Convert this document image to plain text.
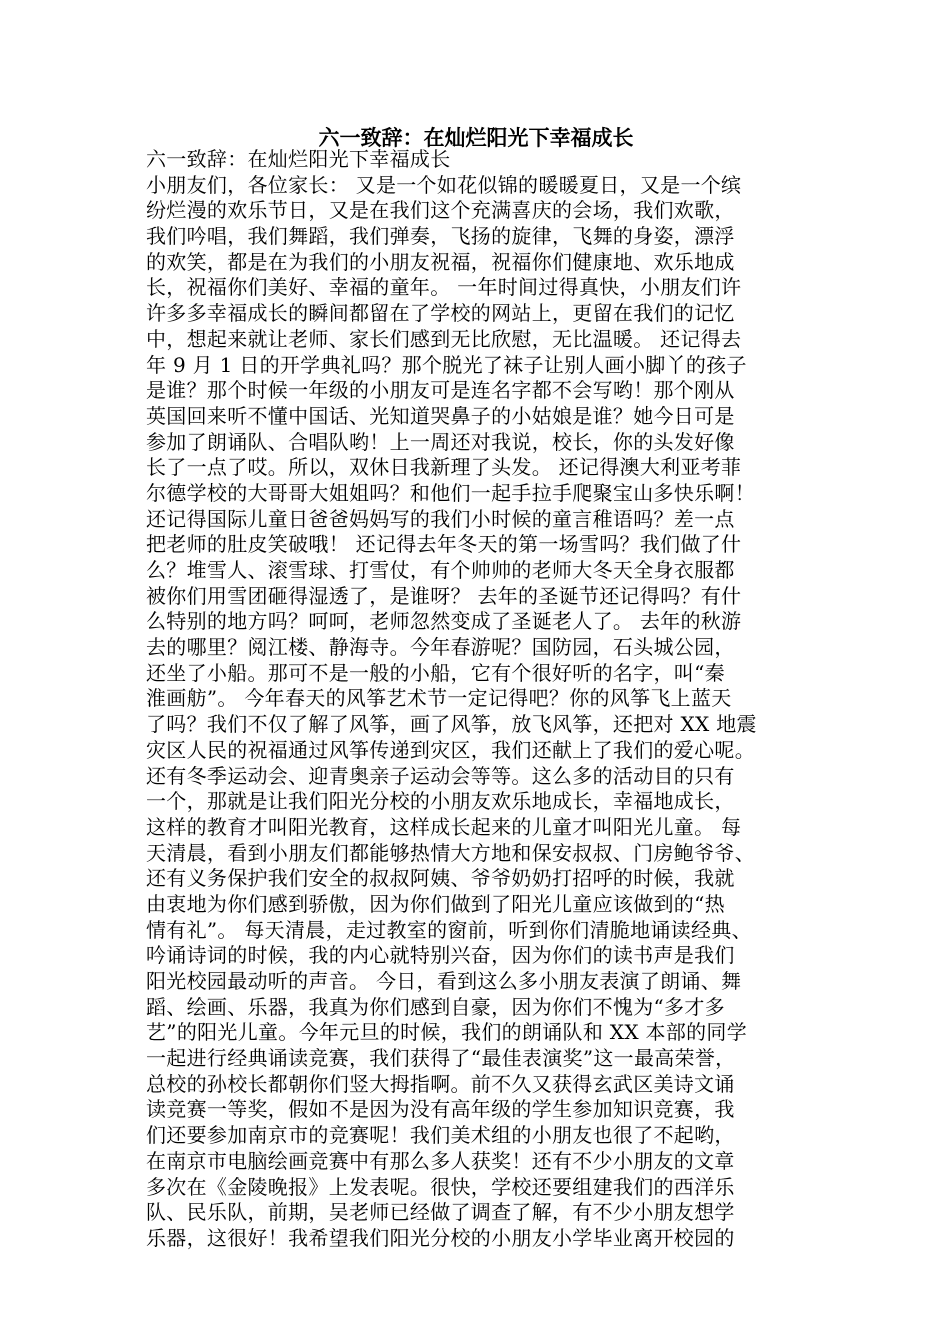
六一致辞：在灿烂阳光下幸福成长
六一致辞：在灿烂阳光下幸福成长
小朋友们，各位家长： 又是一个如花似锦的暖暖夏日，又是一个缤
纷烂漫的欢乐节日，又是在我们这个充满喜庆的会场，我们欢歌，
我们吟唱，我们舞蹈，我们弹奏，飞扬的旋律，飞舞的身姿，漂浮
的欢笑，都是在为我们的小朋友祝福，祝福你们健康地、欢乐地成
长，祝福你们美好、幸福的童年。 一年时间过得真快，小朋友们许
许多多幸福成长的瞬间都留在了学校的网站上，更留在我们的记忆
中，想起来就让老师、家长们感到无比欣慰，无比温暖。 还记得去
年 9 月 1 日的开学典礼吗？那个脱光了袜子让别人画小脚丫的孩子
是谁？那个时候一年级的小朋友可是连名字都不会写哟！那个刚从
英国回来听不懂中国话、光知道哭鼻子的小姑娘是谁？她今日可是
参加了朗诵队、合唱队哟！上一周还对我说，校长，你的头发好像
长了一点了哎。所以，双休日我新理了头发。 还记得澳大利亚考菲
尔德学校的大哥哥大姐姐吗？和他们一起手拉手爬聚宝山多快乐啊！
还记得国际儿童日爸爸妈妈写的我们小时候的童言稚语吗？差一点
把老师的肚皮笑破哦！ 还记得去年冬天的第一场雪吗？我们做了什
么？堆雪人、滚雪球、打雪仗，有个帅帅的老师大冬天全身衣服都
被你们用雪团砸得湿透了，是谁呀？ 去年的圣诞节还记得吗？有什
么特别的地方吗？呵呵，老师忽然变成了圣诞老人了。 去年的秋游
去的哪里？阅江楼、静海寺。今年春游呢？国防园，石头城公园，
还坐了小船。那可不是一般的小船，它有个很好听的名字，叫“秦
淮画舫”。 今年春天的风筝艺术节一定记得吧？你的风筝飞上蓝天
了吗？我们不仅了解了风筝，画了风筝，放飞风筝，还把对 XX 地震
灾区人民的祝福通过风筝传递到灾区，我们还献上了我们的爱心呢。
还有冬季运动会、迎青奥亲子运动会等等。这么多的活动目的只有
一个，那就是让我们阳光分校的小朋友欢乐地成长，幸福地成长，
这样的教育才叫阳光教育，这样成长起来的儿童才叫阳光儿童。 每
天清晨，看到小朋友们都能够热情大方地和保安叔叔、门房鲍爷爷、
还有义务保护我们安全的叔叔阿姨、爷爷奶奶打招呼的时候，我就
由衷地为你们感到骄傲，因为你们做到了阳光儿童应该做到的“热
情有礼”。 每天清晨，走过教室的窗前，听到你们清脆地诵读经典、
吟诵诗词的时候，我的内心就特别兴奋，因为你们的读书声是我们
阳光校园最动听的声音。 今日，看到这么多小朋友表演了朗诵、舞
蹈、绘画、乐器，我真为你们感到自豪，因为你们不愧为“多才多
艺”的阳光儿童。今年元旦的时候，我们的朗诵队和 XX 本部的同学
一起进行经典诵读竞赛，我们获得了“最佳表演奖”这一最高荣誉，
总校的孙校长都朝你们竖大拇指啊。前不久又获得玄武区美诗文诵
读竞赛一等奖，假如不是因为没有高年级的学生参加知识竞赛，我
们还要参加南京市的竞赛呢！我们美术组的小朋友也很了不起哟，
在南京市电脑绘画竞赛中有那么多人获奖！还有不少小朋友的文章
多次在《金陵晚报》上发表呢。很快，学校还要组建我们的西洋乐
队、民乐队，前期，吴老师已经做了调查了解，有不少小朋友想学
乐器，这很好！我希望我们阳光分校的小朋友小学毕业离开校园的
